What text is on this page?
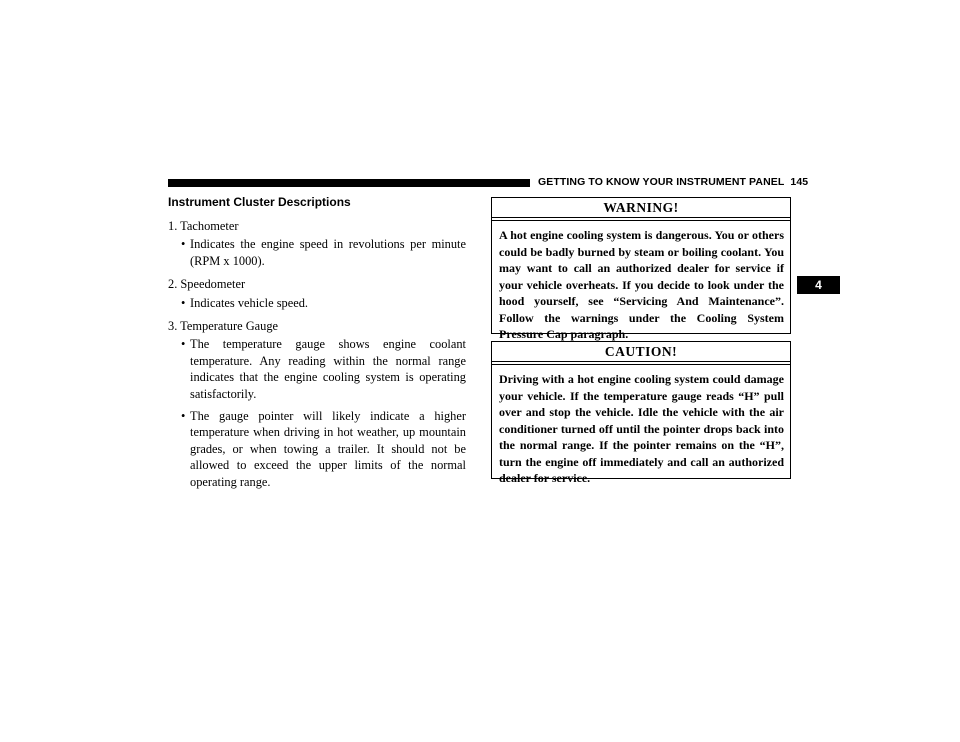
GETTING TO KNOW YOUR INSTRUMENT PANEL 145
4
Instrument Cluster Descriptions
1. Tachometer
• Indicates the engine speed in revolutions per minute (RPM x 1000).
2. Speedometer
• Indicates vehicle speed.
3. Temperature Gauge
• The temperature gauge shows engine coolant temperature. Any reading within the normal range indicates that the engine cooling system is operating satisfactorily.
• The gauge pointer will likely indicate a higher temperature when driving in hot weather, up mountain grades, or when towing a trailer. It should not be allowed to exceed the upper limits of the normal operating range.
WARNING!
A hot engine cooling system is dangerous. You or others could be badly burned by steam or boiling coolant. You may want to call an authorized dealer for service if your vehicle overheats. If you decide to look under the hood yourself, see “Servicing And Maintenance”. Follow the warnings under the Cooling System Pressure Cap paragraph.
CAUTION!
Driving with a hot engine cooling system could damage your vehicle. If the temperature gauge reads “H” pull over and stop the vehicle. Idle the vehicle with the air conditioner turned off until the pointer drops back into the normal range. If the pointer remains on the “H”, turn the engine off immediately and call an authorized dealer for service.
